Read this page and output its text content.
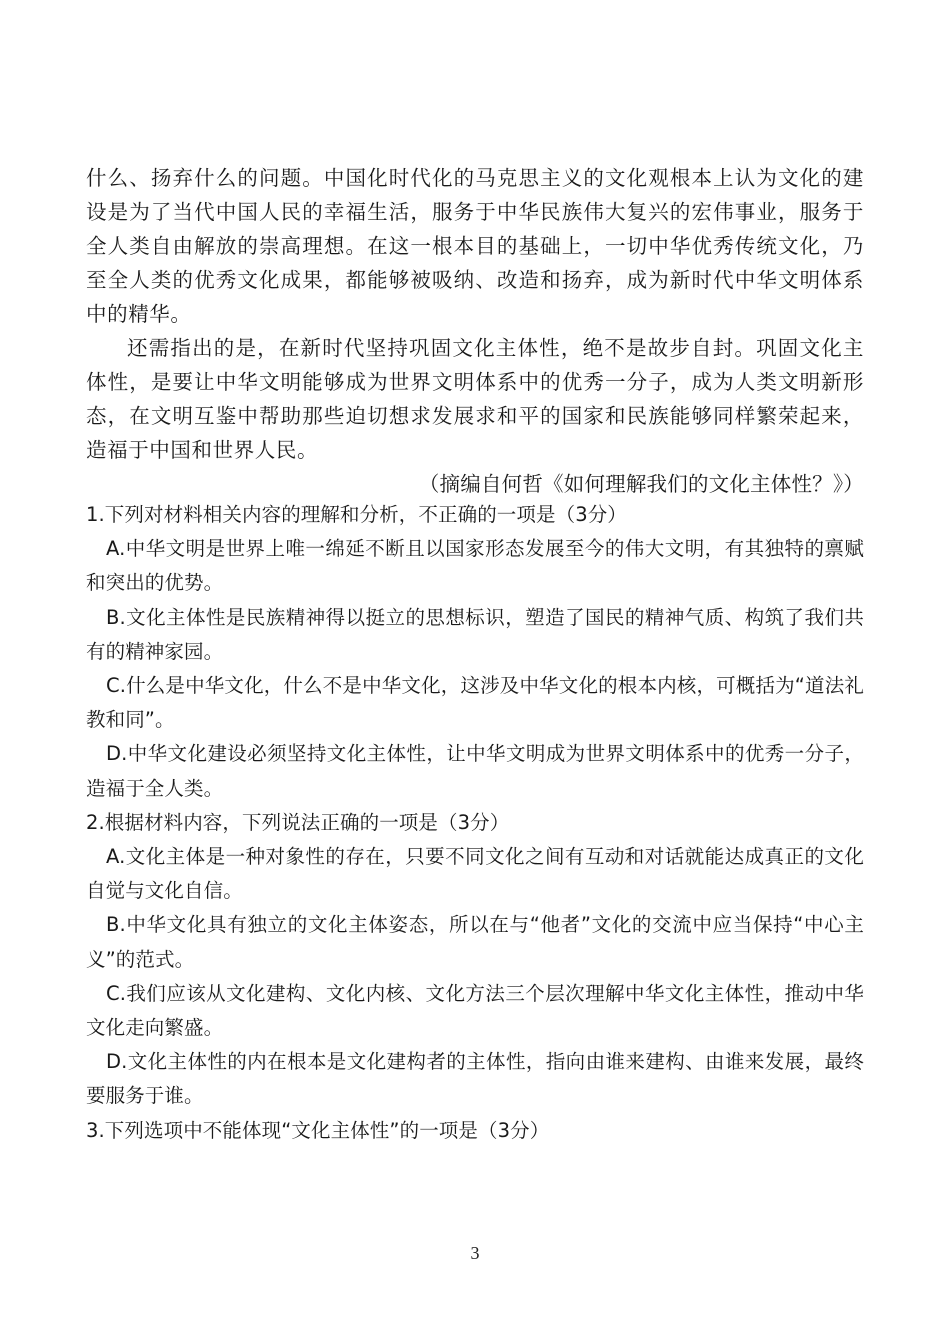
什么、扬弃什么的问题。中国化时代化的马克思主义的文化观根本上认为文化的建设是为了当代中国人民的幸福生活，服务于中华民族伟大复兴的宏伟事业，服务于全人类自由解放的崇高理想。在这一根本目的基础上，一切中华优秀传统文化，乃至全人类的优秀文化成果，都能够被吸纳、改造和扬弃，成为新时代中华文明体系中的精华。

还需指出的是，在新时代坚持巩固文化主体性，绝不是故步自封。巩固文化主体性，是要让中华文明能够成为世界文明体系中的优秀一分子，成为人类文明新形态，在文明互鉴中帮助那些迫切想求发展求和平的国家和民族能够同样繁荣起来，造福于中国和世界人民。

（摘编自何哲《如何理解我们的文化主体性？》）

1.下列对材料相关内容的理解和分析，不正确的一项是（3分）

A.中华文明是世界上唯一绵延不断且以国家形态发展至今的伟大文明，有其独特的禀赋和突出的优势。

B.文化主体性是民族精神得以挺立的思想标识，塑造了国民的精神气质、构筑了我们共有的精神家园。

C.什么是中华文化，什么不是中华文化，这涉及中华文化的根本内核，可概括为“道法礼教和同”。

D.中华文化建设必须坚持文化主体性，让中华文明成为世界文明体系中的优秀一分子，造福于全人类。

2.根据材料内容，下列说法正确的一项是（3分）

A.文化主体是一种对象性的存在，只要不同文化之间有互动和对话就能达成真正的文化自觉与文化自信。

B.中华文化具有独立的文化主体姿态，所以在与“他者”文化的交流中应当保持“中心主义”的范式。

C.我们应该从文化建构、文化内核、文化方法三个层次理解中华文化主体性，推动中华文化走向繁盛。

D.文化主体性的内在根本是文化建构者的主体性，指向由谁来建构、由谁来发展，最终要服务于谁。

3.下列选项中不能体现“文化主体性”的一项是（3分）

3
